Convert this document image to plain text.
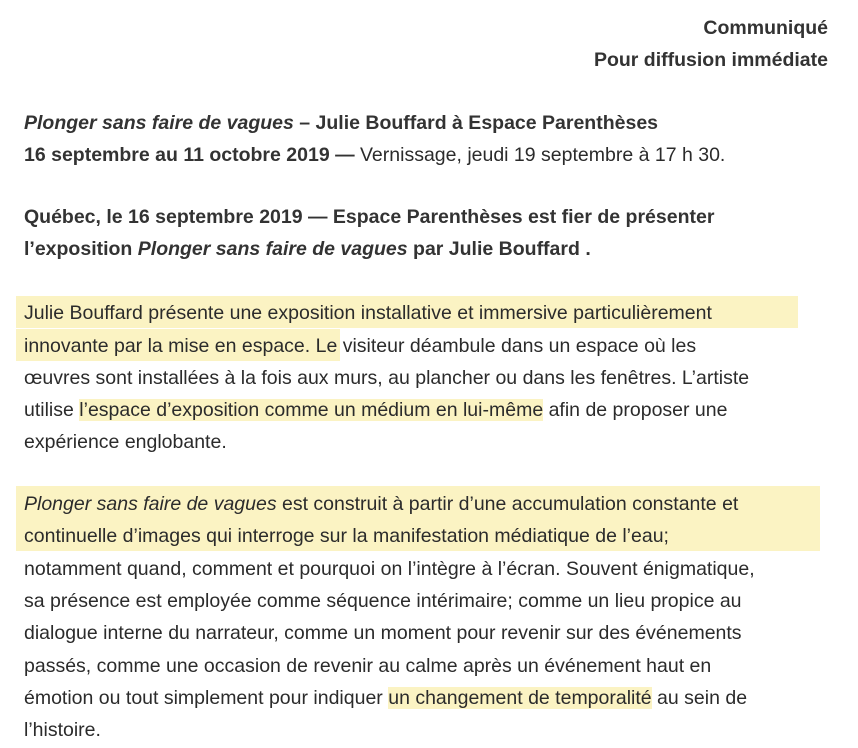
Communiqué
Pour diffusion immédiate
Plonger sans faire de vagues – Julie Bouffard à Espace Parenthèses
16 septembre au 11 octobre 2019 — Vernissage, jeudi 19 septembre à 17 h 30.
Québec, le 16 septembre 2019 — Espace Parenthèses est fier de présenter
l’exposition Plonger sans faire de vagues par Julie Bouffard .
Julie Bouffard présente une exposition installative et immersive particulièrement
innovante par la mise en espace. Le visiteur déambule dans un espace où les
œuvres sont installées à la fois aux murs, au plancher ou dans les fenêtres. L’artiste
utilise l’espace d’exposition comme un médium en lui-même afin de proposer une
expérience englobante.
Plonger sans faire de vagues est construit à partir d’une accumulation constante et
continuelle d’images qui interroge sur la manifestation médiatique de l’eau;
notamment quand, comment et pourquoi on l’intègre à l’écran. Souvent énigmatique,
sa présence est employée comme séquence intérimaire; comme un lieu propice au
dialogue interne du narrateur, comme un moment pour revenir sur des événements
passés, comme une occasion de revenir au calme après un événement haut en
émotion ou tout simplement pour indiquer un changement de temporalité au sein de
l’histoire.
